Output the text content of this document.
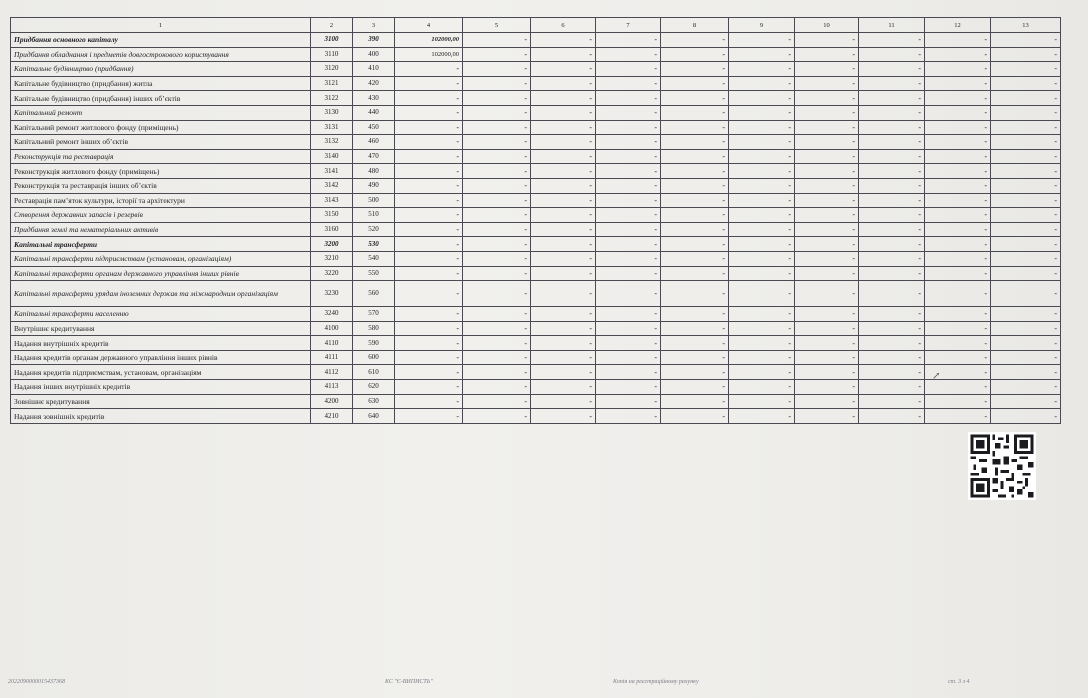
1	2	3	4	5	6	7	8	9	10	11	12	13
Придбання основного капіталу	3100	390	102000,00	-	-	-	-	-	-	-	-	-
Придбання обладнання і предметів довгострокового користування	3110	400	102000,00	-	-	-	-	-	-	-	-	-
Капітальне будівництво (придбання)	3120	410	-	-	-	-	-	-	-	-	-	-
Капітальне будівництво (придбання) житла	3121	420	-	-	-	-	-	-	-	-	-	-
Капітальне будівництво (придбання) інших об’єктів	3122	430	-	-	-	-	-	-	-	-	-	-
Капітальний ремонт	3130	440	-	-	-	-	-	-	-	-	-	-
Капітальний ремонт житлового фонду (приміщень)	3131	450	-	-	-	-	-	-	-	-	-	-
Капітальний ремонт інших об’єктів	3132	460	-	-	-	-	-	-	-	-	-	-
Реконструкція та реставрація	3140	470	-	-	-	-	-	-	-	-	-	-
Реконструкція житлового фонду (приміщень)	3141	480	-	-	-	-	-	-	-	-	-	-
Реконструкція та реставрація інших об’єктів	3142	490	-	-	-	-	-	-	-	-	-	-
Реставрація пам’яток культури, історії та архітектури	3143	500	-	-	-	-	-	-	-	-	-	-
Створення державних запасів і резервів	3150	510	-	-	-	-	-	-	-	-	-	-
Придбання землі та нематеріальних активів	3160	520	-	-	-	-	-	-	-	-	-	-
Капітальні трансферти	3200	530	-	-	-	-	-	-	-	-	-	-
Капітальні трансферти підприємствам (установам, організаціям)	3210	540	-	-	-	-	-	-	-	-	-	-
Капітальні трансферти органам державного управління інших рівнів	3220	550	-	-	-	-	-	-	-	-	-	-
Капітальні трансферти урядам іноземних держав та міжнародним організаціям	3230	560	-	-	-	-	-	-	-	-	-	-
Капітальні трансферти населенню	3240	570	-	-	-	-	-	-	-	-	-	-
Внутрішнє кредитування	4100	580	-	-	-	-	-	-	-	-	-	-
Надання внутрішніх кредитів	4110	590	-	-	-	-	-	-	-	-	-	-
Надання кредитів органам державного управління інших рівнів	4111	600	-	-	-	-	-	-	-	-	-	-
Надання кредитів підприємствам, установам, організаціям	4112	610	-	-	-	-	-	-	-	-	-	-
Надання інших внутрішніх кредитів	4113	620	-	-	-	-	-	-	-	-	-	-
Зовнішнє кредитування	4200	630	-	-	-	-	-	-	-	-	-	-
Надання зовнішніх кредитів	4210	640	-	-	-	-	-	-	-	-	-	-
↗
2022090000015437368	КС "Є-ВИПИСТЬ"	Копія на реєстраційному рахунку	ст. 3 з 4
